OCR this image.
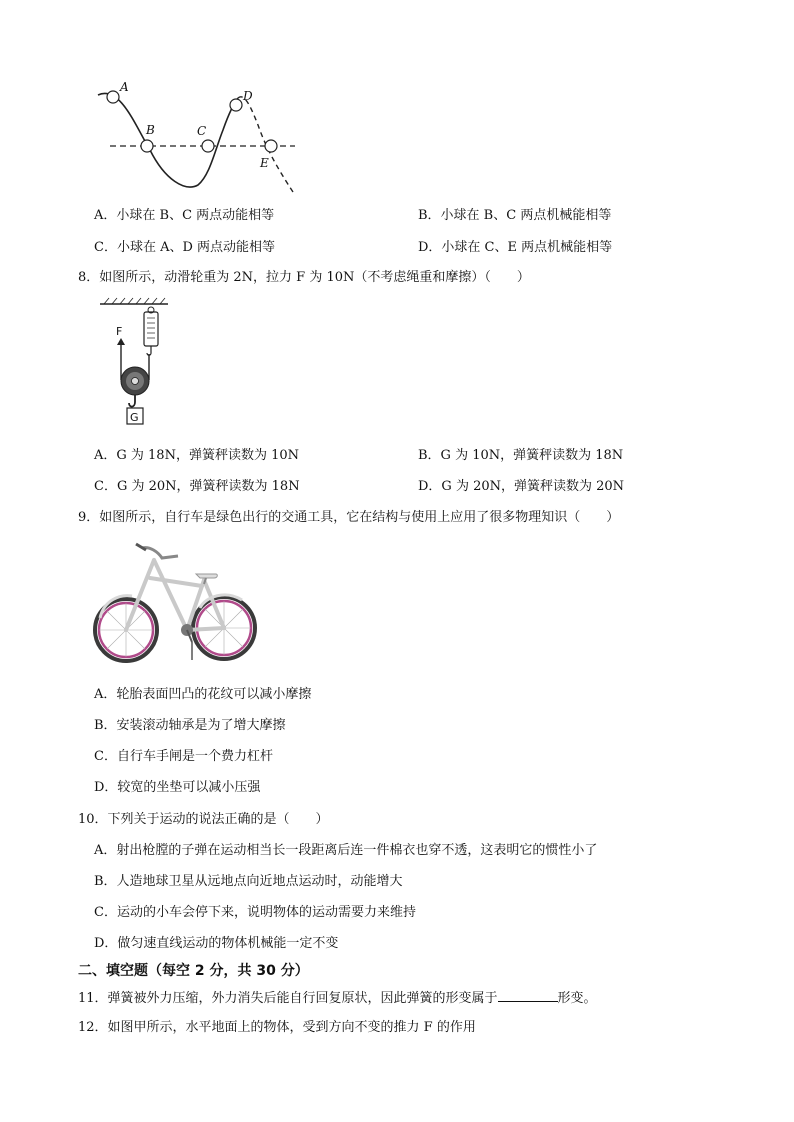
A
B	C
D
E
A．小球在 B、C 两点动能相等	B．小球在 B、C 两点机械能相等
C．小球在 A、D 两点动能相等	D．小球在 C、E 两点机械能相等
8．如图所示，动滑轮重为 2N，拉力 F 为 10N（不考虑绳重和摩擦）（　　）
F
G
A．G 为 18N，弹簧秤读数为 10N	B．G 为 10N，弹簧秤读数为 18N
C．G 为 20N，弹簧秤读数为 18N	D．G 为 20N，弹簧秤读数为 20N
9．如图所示，自行车是绿色出行的交通工具，它在结构与使用上应用了很多物理知识（　　）
A．轮胎表面凹凸的花纹可以减小摩擦
B．安装滚动轴承是为了增大摩擦
C．自行车手闸是一个费力杠杆
D．较宽的坐垫可以减小压强
10．下列关于运动的说法正确的是（　　）
A．射出枪膛的子弹在运动相当长一段距离后连一件棉衣也穿不透，这表明它的惯性小了
B．人造地球卫星从远地点向近地点运动时，动能增大
C．运动的小车会停下来，说明物体的运动需要力来维持
D．做匀速直线运动的物体机械能一定不变
二、填空题（每空 2 分，共 30 分）
11．弹簧被外力压缩，外力消失后能自行回复原状，因此弹簧的形变属于	形变。
12．如图甲所示，水平地面上的物体，受到方向不变的推力 F 的作用
